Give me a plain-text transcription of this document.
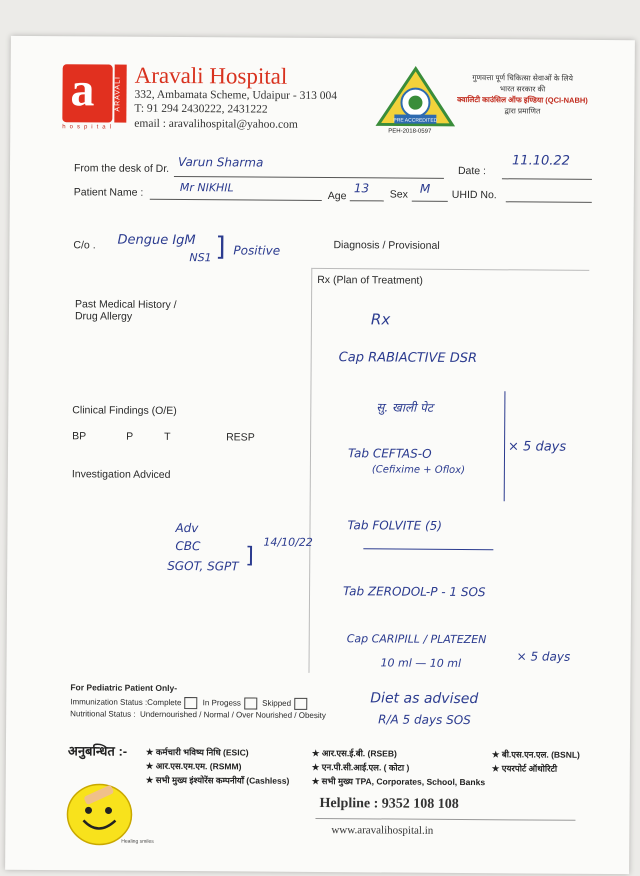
a	ARAVALI
hospital
Aravali Hospital
332, Ambamata Scheme, Udaipur - 313 004
T: 91 294 2430222, 2431222
email : aravalihospital@yahoo.com	PRE ACCREDITED
PEH-2018-0597
गुणवत्ता पूर्ण चिकित्सा सेवाओं के लिये
भारत सरकार की
क्वालिटी काउंसिल ऑफ इण्डिया (QCI-NABH)
द्वारा प्रमाणित
From the desk of Dr. Varun Sharma
Date :
11.10.22
Patient Name :	Mr NIKHIL
Age
13 Sex M UHID No.
C/o . Dengue IgM
NS1 Positive
]	Diagnosis / Provisional
Rx (Plan of Treatment)
Past Medical History /
Drug Allergy
Clinical Findings (O/E)
BP	P	T	RESP
Investigation Adviced
Adv
CBC
SGOT, SGPT ]
14/10/22
Rx
Cap RABIACTIVE DSR
सु. खाली पेट
Tab CEFTAS-O
(Cefixime + Oflox)
× 5 days
Tab FOLVITE (5)
Tab ZERODOL-P - 1 SOS
Cap CARIPILL / PLATEZEN
10 ml — 10 ml	× 5 days
Diet as advised
R/A 5 days SOS
For Pediatric Patient Only-
Immunization Status :Complete	In Progess	Skipped
Nutritional Status : Undernourished / Normal / Over Nourished / Obesity
अनुबन्धित :- ★ कर्मचारी भविष्य निधि (ESIC)	★ आर.एस.ई.बी. (RSEB)	★ बी.एस.एन.एल. (BSNL)
★ आर.एस.एम.एम. (RSMM)	★ एन.पी.सी.आई.एल. ( कोटा )	★ एयरपोर्ट ऑथोरिटी
★ सभी मुख्य इंश्योरेंस कम्पनीयाँ (Cashless)	★ सभी मुख्य TPA, Corporates, School, Banks
Healing smiles
Helpline : 9352 108 108
www.aravalihospital.in
